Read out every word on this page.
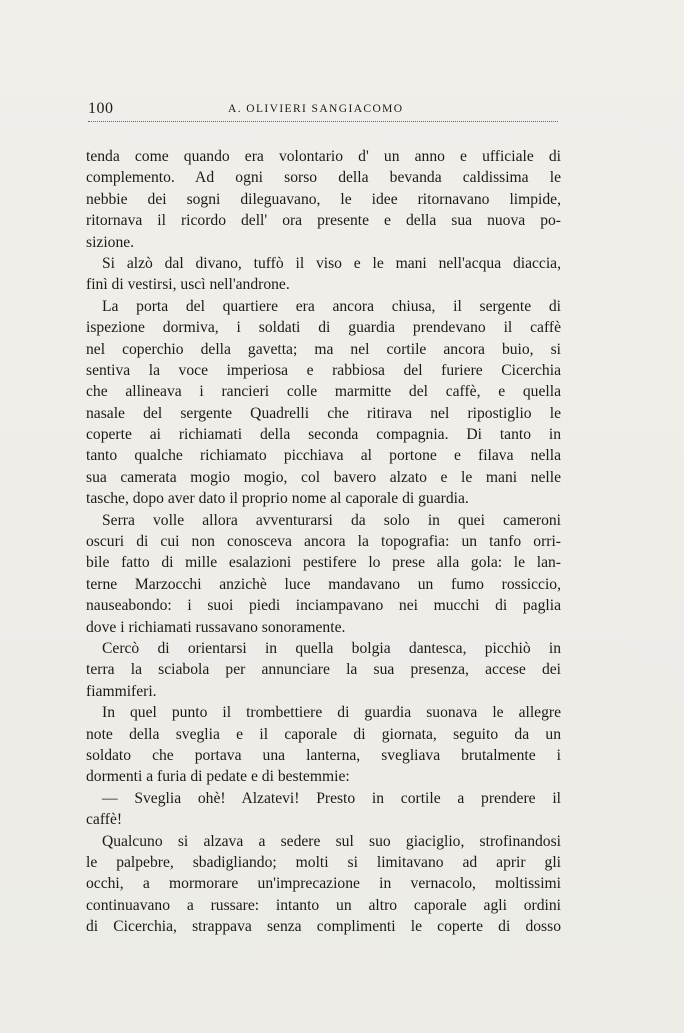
100	A. OLIVIERI SANGIACOMO
tenda come quando era volontario d' un anno e ufficiale di
complemento. Ad ogni sorso della bevanda caldissima le
nebbie dei sogni dileguavano, le idee ritornavano limpide,
ritornava il ricordo dell' ora presente e della sua nuova po-
sizione.
Si alzò dal divano, tuffò il viso e le mani nell'acqua diaccia,
finì di vestirsi, uscì nell'androne.
La porta del quartiere era ancora chiusa, il sergente di
ispezione dormiva, i soldati di guardia prendevano il caffè
nel coperchio della gavetta; ma nel cortile ancora buio, si
sentiva la voce imperiosa e rabbiosa del furiere Cicerchia
che allineava i rancieri colle marmitte del caffè, e quella
nasale del sergente Quadrelli che ritirava nel ripostiglio le
coperte ai richiamati della seconda compagnia. Di tanto in
tanto qualche richiamato picchiava al portone e filava nella
sua camerata mogio mogio, col bavero alzato e le mani nelle
tasche, dopo aver dato il proprio nome al caporale di guardia.
Serra volle allora avventurarsi da solo in quei cameroni
oscuri di cui non conosceva ancora la topografia: un tanfo orri-
bile fatto di mille esalazioni pestifere lo prese alla gola: le lan-
terne Marzocchi anzichè luce mandavano un fumo rossiccio,
nauseabondo: i suoi piedi inciampavano nei mucchi di paglia
dove i richiamati russavano sonoramente.
Cercò di orientarsi in quella bolgia dantesca, picchiò in
terra la sciabola per annunciare la sua presenza, accese dei
fiammiferi.
In quel punto il trombettiere di guardia suonava le allegre
note della sveglia e il caporale di giornata, seguito da un
soldato che portava una lanterna, svegliava brutalmente i
dormenti a furia di pedate e di bestemmie:
— Sveglia ohè! Alzatevi! Presto in cortile a prendere il
caffè!
Qualcuno si alzava a sedere sul suo giaciglio, strofinandosi
le palpebre, sbadigliando; molti si limitavano ad aprir gli
occhi, a mormorare un'imprecazione in vernacolo, moltissimi
continuavano a russare: intanto un altro caporale agli ordini
di Cicerchia, strappava senza complimenti le coperte di dosso
